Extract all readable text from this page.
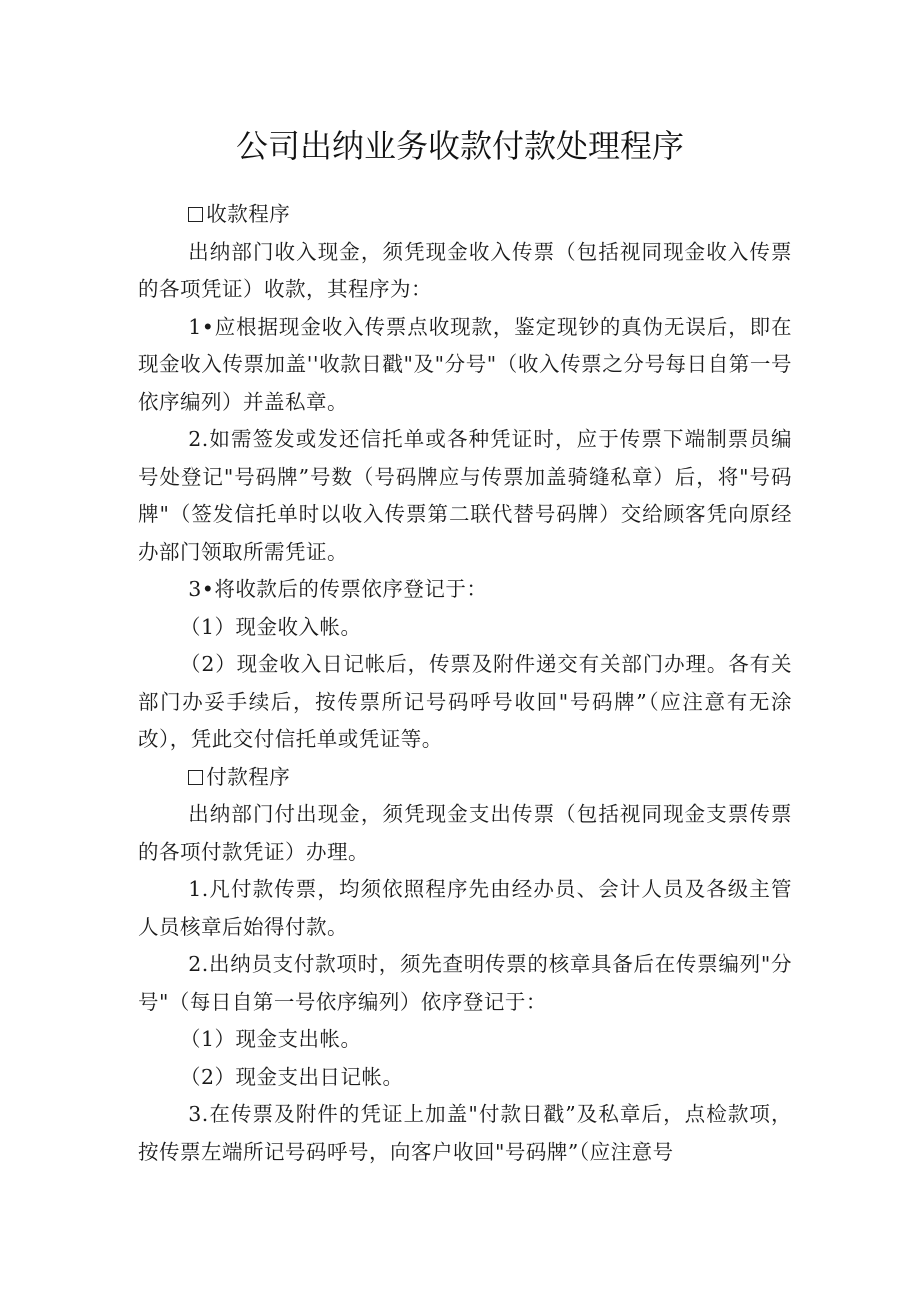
公司出纳业务收款付款处理程序

收款程序

出纳部门收入现金，须凭现金收入传票（包括视同现金收入传票的各项凭证）收款，其程序为：

1•应根据现金收入传票点收现款，鉴定现钞的真伪无误后，即在现金收入传票加盖''收款日戳"及"分号"（收入传票之分号每日自第一号依序编列）并盖私章。

2.如需签发或发还信托单或各种凭证时，应于传票下端制票员编号处登记"号码牌”号数（号码牌应与传票加盖骑缝私章）后，将"号码牌"（签发信托单时以收入传票第二联代替号码牌）交给顾客凭向原经办部门领取所需凭证。

3•将收款后的传票依序登记于：

（1）现金收入帐。

（2）现金收入日记帐后，传票及附件递交有关部门办理。各有关部门办妥手续后，按传票所记号码呼号收回"号码牌”（应注意有无涂改），凭此交付信托单或凭证等。

付款程序

出纳部门付出现金，须凭现金支出传票（包括视同现金支票传票的各项付款凭证）办理。

1.凡付款传票，均须依照程序先由经办员、会计人员及各级主管人员核章后始得付款。

2.出纳员支付款项时，须先查明传票的核章具备后在传票编列"分号"（每日自第一号依序编列）依序登记于：

（1）现金支出帐。

（2）现金支出日记帐。

3.在传票及附件的凭证上加盖"付款日戳”及私章后，点检款项，按传票左端所记号码呼号，向客户收回"号码牌”（应注意号
